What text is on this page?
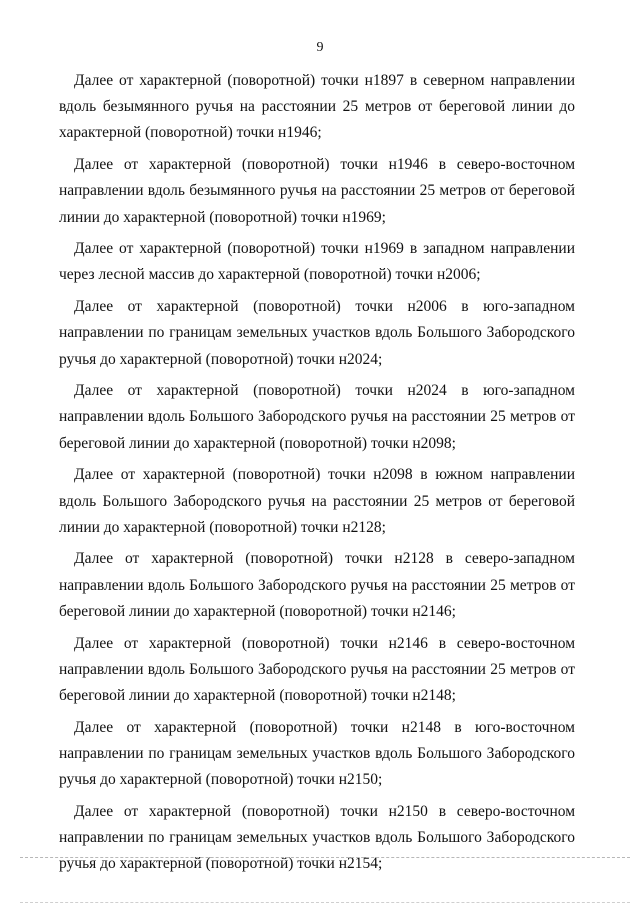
9

Далее от характерной (поворотной) точки н1897 в северном направлении вдоль безымянного ручья на расстоянии 25 метров от береговой линии до характерной (поворотной) точки н1946;

Далее от характерной (поворотной) точки н1946 в северо-восточном направлении вдоль безымянного ручья на расстоянии 25 метров от береговой линии до характерной (поворотной) точки н1969;

Далее от характерной (поворотной) точки н1969 в западном направлении через лесной массив до характерной (поворотной) точки н2006;

Далее от характерной (поворотной) точки н2006 в юго-западном направлении по границам земельных участков вдоль Большого Забородского ручья до характерной (поворотной) точки н2024;

Далее от характерной (поворотной) точки н2024 в юго-западном направлении вдоль Большого Забородского ручья на расстоянии 25 метров от береговой линии до характерной (поворотной) точки н2098;

Далее от характерной (поворотной) точки н2098 в южном направлении вдоль Большого Забородского ручья на расстоянии 25 метров от береговой линии до характерной (поворотной) точки н2128;

Далее от характерной (поворотной) точки н2128 в северо-западном направлении вдоль Большого Забородского ручья на расстоянии 25 метров от береговой линии до характерной (поворотной) точки н2146;

Далее от характерной (поворотной) точки н2146 в северо-восточном направлении вдоль Большого Забородского ручья на расстоянии 25 метров от береговой линии до характерной (поворотной) точки н2148;

Далее от характерной (поворотной) точки н2148 в юго-восточном направлении по границам земельных участков вдоль Большого Забородского ручья до характерной (поворотной) точки н2150;

Далее от характерной (поворотной) точки н2150 в северо-восточном направлении по границам земельных участков вдоль Большого Забородского ручья до характерной (поворотной) точки н2154;
